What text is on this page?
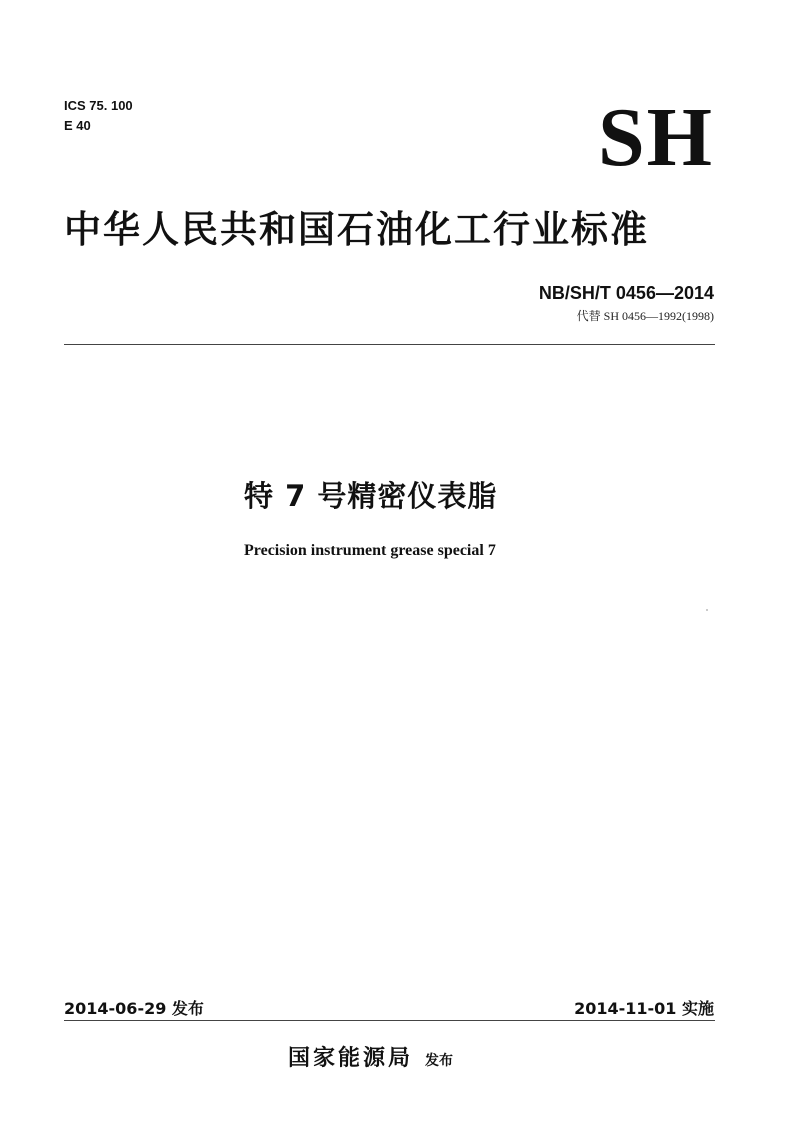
ICS 75. 100
E 40	SH
中华人民共和国石油化工行业标准
NB/SH/T 0456—2014
代替 SH 0456—1992(1998)
特 7 号精密仪表脂
Precision instrument grease special 7
2014-06-29 发布	2014-11-01 实施
国家能源局 发布
